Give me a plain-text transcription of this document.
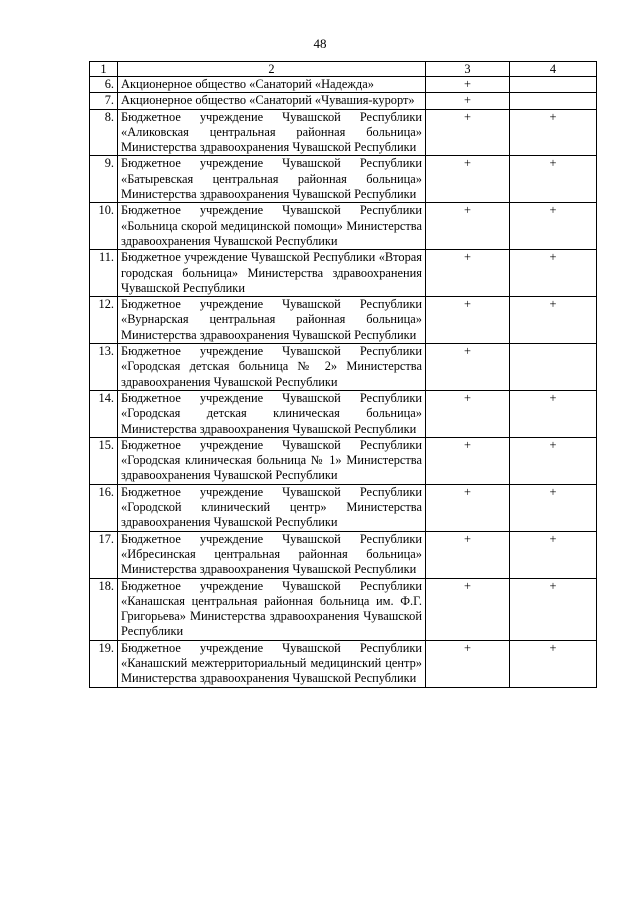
48
1	2	3	4
6.	Акционерное общество «Санаторий «Надежда»	+	
7.	Акционерное общество «Санаторий «Чувашия-курорт»	+	
8.	Бюджетное учреждение Чувашской Республики «Аликовская центральная районная больница» Министерства здравоохранения Чувашской Республики	+	+
9.	Бюджетное учреждение Чувашской Республики «Батыревская центральная районная больница» Министерства здравоохранения Чувашской Республики	+	+
10.	Бюджетное учреждение Чувашской Республики «Больница скорой медицинской помощи» Министерства здравоохранения Чувашской Республики	+	+
11.	Бюджетное учреждение Чувашской Республики «Вторая городская больница» Министерства здравоохранения Чувашской Республики	+	+
12.	Бюджетное учреждение Чувашской Республики «Вурнарская центральная районная больница» Министерства здравоохранения Чувашской Республики	+	+
13.	Бюджетное учреждение Чувашской Республики «Городская детская больница № 2» Министерства здравоохранения Чувашской Республики	+	
14.	Бюджетное учреждение Чувашской Республики «Городская детская клиническая больница» Министерства здравоохранения Чувашской Республики	+	+
15.	Бюджетное учреждение Чувашской Республики «Городская клиническая больница № 1» Министерства здравоохранения Чувашской Республики	+	+
16.	Бюджетное учреждение Чувашской Республики «Городской клинический центр» Министерства здравоохранения Чувашской Республики	+	+
17.	Бюджетное учреждение Чувашской Республики «Ибресинская центральная районная больница» Министерства здравоохранения Чувашской Республики	+	+
18.	Бюджетное учреждение Чувашской Республики «Канашская центральная районная больница им. Ф.Г. Григорьева» Министерства здравоохранения Чувашской Республики	+	+
19.	Бюджетное учреждение Чувашской Республики «Канашский межтерриториальный медицинский центр» Министерства здравоохранения Чувашской Республики	+	+
